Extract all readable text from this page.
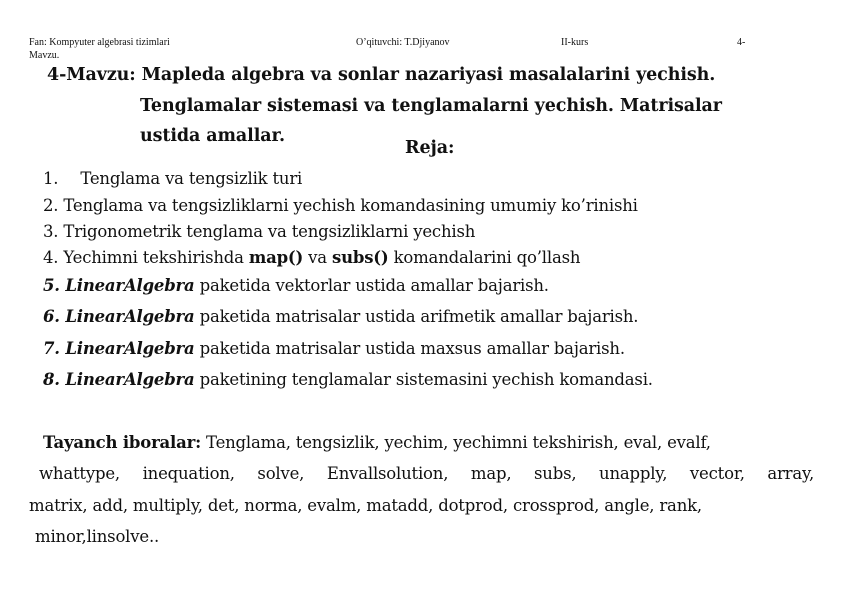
Fan: Kompyuter algebrasi tizimlari	O’qituvchi: T.Djiyanov	II-kurs	4-
Mavzu.
4-Mavzu: Mapleda algebra va sonlar nazariyasi masalalarini yechish.
Tenglamalar sistemasi va tenglamalarni yechish. Matrisalar
ustida amallar.
Reja:
1. Tenglama va tengsizlik turi
2. Tenglama va tengsizliklarni yechish komandasining umumiy ko’rinishi
3. Trigonometrik tenglama va tengsizliklarni yechish
4. Yechimni tekshirishda map() va subs() komandalarini qo’llash
5. LinearAlgebra paketida vektorlar ustida amallar bajarish.
6. LinearAlgebra paketida matrisalar ustida arifmetik amallar bajarish.
7. LinearAlgebra paketida matrisalar ustida maxsus amallar bajarish.
8. LinearAlgebra paketining tenglamalar sistemasini yechish komandasi.
Tayanch iboralar: Tenglama, tengsizlik, yechim, yechimni tekshirish, eval, evalf,
whattype, inequation, solve, Envallsolution, map, subs, unapply, vector, array,
matrix, add, multiply, det, norma, evalm, matadd, dotprod, crossprod, angle, rank,
minor,linsolve..
